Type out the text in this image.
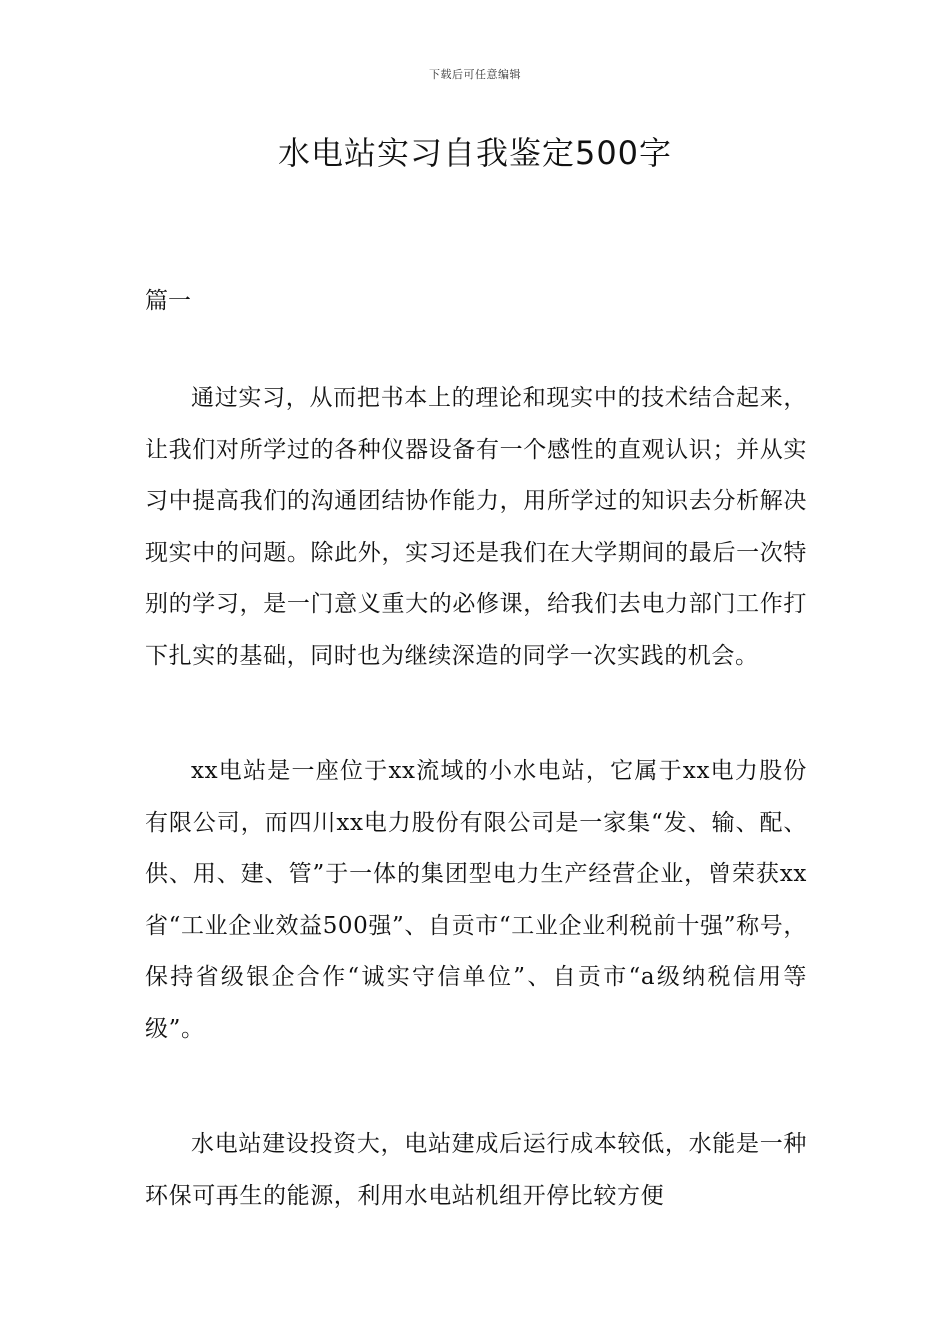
下载后可任意编辑
水电站实习自我鉴定500字
篇一

通过实习，从而把书本上的理论和现实中的技术结合起来，让我们对所学过的各种仪器设备有一个感性的直观认识；并从实习中提高我们的沟通团结协作能力，用所学过的知识去分析解决现实中的问题。除此外，实习还是我们在大学期间的最后一次特别的学习，是一门意义重大的必修课，给我们去电力部门工作打下扎实的基础，同时也为继续深造的同学一次实践的机会。

xx电站是一座位于xx流域的小水电站，它属于xx电力股份有限公司，而四川xx电力股份有限公司是一家集“发、输、配、供、用、建、管”于一体的集团型电力生产经营企业，曾荣获xx省“工业企业效益500强”、自贡市“工业企业利税前十强”称号，保持省级银企合作“诚实守信单位”、自贡市“a级纳税信用等级”。

水电站建设投资大，电站建成后运行成本较低，水能是一种环保可再生的能源，利用水电站机组开停比较方便
